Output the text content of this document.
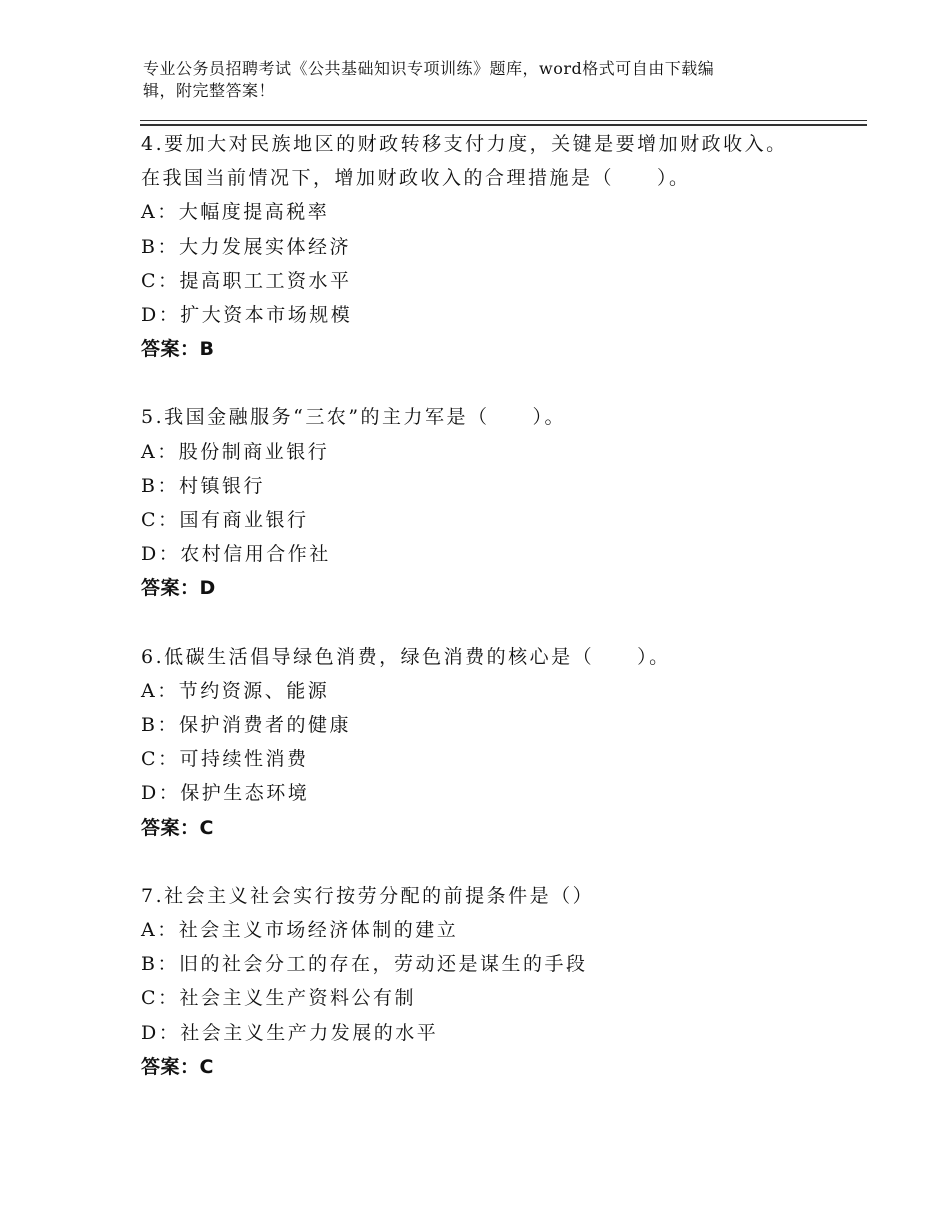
专业公务员招聘考试《公共基础知识专项训练》题库，word格式可自由下载编
辑，附完整答案！
4.要加大对民族地区的财政转移支付力度，关键是要增加财政收入。
在我国当前情况下，增加财政收入的合理措施是（　　）。
A：大幅度提高税率
B：大力发展实体经济
C：提高职工工资水平
D：扩大资本市场规模
答案：B
5.我国金融服务“三农”的主力军是（　　）。
A：股份制商业银行
B：村镇银行
C：国有商业银行
D：农村信用合作社
答案：D
6.低碳生活倡导绿色消费，绿色消费的核心是（　　）。
A：节约资源、能源
B：保护消费者的健康
C：可持续性消费
D：保护生态环境
答案：C
7.社会主义社会实行按劳分配的前提条件是（）
A：社会主义市场经济体制的建立
B：旧的社会分工的存在，劳动还是谋生的手段
C：社会主义生产资料公有制
D：社会主义生产力发展的水平
答案：C
